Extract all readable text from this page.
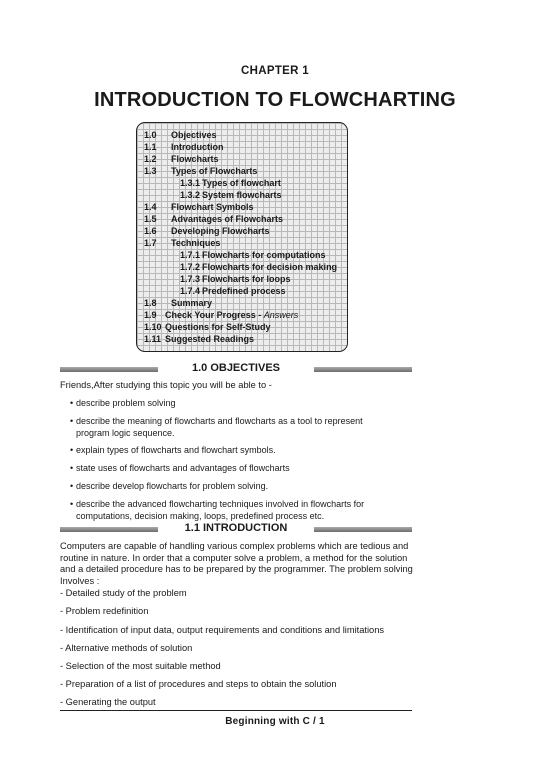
CHAPTER 1
INTRODUCTION TO FLOWCHARTING
1.0 Objectives
1.1 Introduction
1.2 Flowcharts
1.3 Types of Flowcharts
1.3.1 Types of flowchart
1.3.2 System flowcharts
1.4 Flowchart Symbols
1.5 Advantages of Flowcharts
1.6 Developing Flowcharts
1.7 Techniques
1.7.1 Flowcharts for computations
1.7.2 Flowcharts for decision making
1.7.3 Flowcharts for loops
1.7.4 Predefined process
1.8 Summary
1.9 Check Your Progress - Answers
1.10 Questions for Self-Study
1.11 Suggested Readings
1.0 OBJECTIVES
Friends,After studying this topic you will be able to -
• describe problem solving
• describe the meaning of flowcharts and flowcharts as a tool to represent
program logic sequence.
• explain types of flowcharts and flowchart symbols.
• state uses of flowcharts and advantages of flowcharts
• describe develop flowcharts for problem solving.
• describe the advanced flowcharting techniques involved in flowcharts for
computations, decision making, loops, predefined process etc.
1.1 INTRODUCTION
Computers are capable of handling various complex problems which are tedious and
routine in nature. In order that a computer solve a problem, a method for the solution
and a detailed procedure has to be prepared by the programmer. The problem solving
Involves :
- Detailed study of the problem
- Problem redefinition
- Identification of input data, output requirements and conditions and limitations
- Alternative methods of solution
- Selection of the most suitable method
- Preparation of a list of procedures and steps to obtain the solution
- Generating the output
Beginning with C / 1
